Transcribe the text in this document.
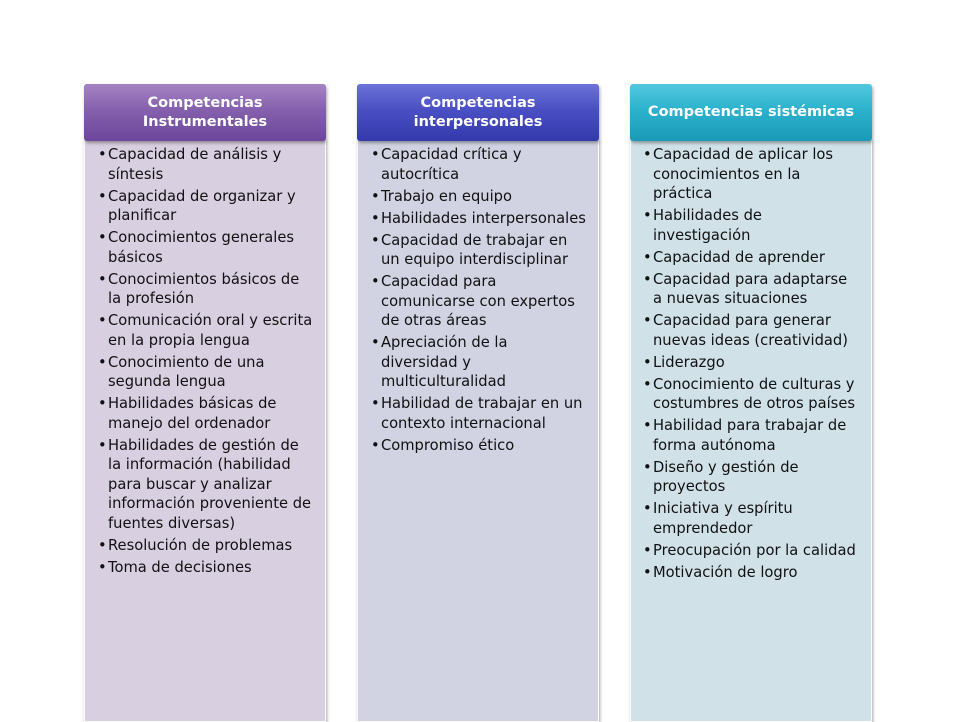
• Capacidad de análisis y síntesis
• Capacidad de organizar y planificar
• Conocimientos generales básicos
• Conocimientos básicos de la profesión
• Comunicación oral y escrita en la propia lengua
• Conocimiento de una segunda lengua
• Habilidades básicas de manejo del ordenador
• Habilidades de gestión de la información (habilidad para buscar y analizar información proveniente de fuentes diversas)
• Resolución de problemas
• Toma de decisiones
Competencias Instrumentales
• Capacidad crítica y autocrítica
• Trabajo en equipo
• Habilidades interpersonales
• Capacidad de trabajar en un equipo interdisciplinar
• Capacidad para comunicarse con expertos de otras áreas
• Apreciación de la diversidad y multiculturalidad
• Habilidad de trabajar en un contexto internacional
• Compromiso ético
Competencias interpersonales
• Capacidad de aplicar los conocimientos en la práctica
• Habilidades de investigación
• Capacidad de aprender
• Capacidad para adaptarse a nuevas situaciones
• Capacidad para generar nuevas ideas (creatividad)
• Liderazgo
• Conocimiento de culturas y costumbres de otros países
• Habilidad para trabajar de forma autónoma
• Diseño y gestión de proyectos
• Iniciativa y espíritu emprendedor
• Preocupación por la calidad
• Motivación de logro
Competencias sistémicas
